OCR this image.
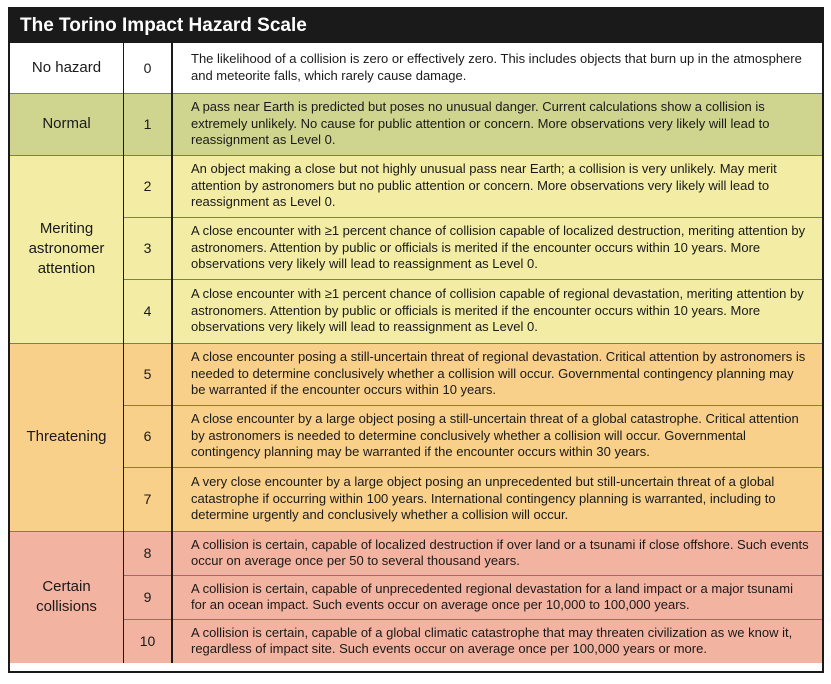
The Torino Impact Hazard Scale
No hazard	0	The likelihood of a collision is zero or effectively zero. This includes objects that burn up in the atmosphere and meteorite falls, which rarely cause damage.
Normal	1	A pass near Earth is predicted but poses no unusual danger. Current calculations show a collision is extremely unlikely. No cause for public attention or concern. More observations very likely will lead to reassignment as Level 0.
Meriting astronomer attention	2	An object making a close but not highly unusual pass near Earth; a collision is very unlikely. May merit attention by astronomers but no public attention or concern. More observations very likely will lead to reassignment as Level 0.
	3	A close encounter with ≥1 percent chance of collision capable of localized destruction, meriting attention by astronomers. Attention by public or officials is merited if the encounter occurs within 10 years. More observations very likely will lead to reassignment as Level 0.
	4	A close encounter with ≥1 percent chance of collision capable of regional devastation, meriting attention by astronomers. Attention by public or officials is merited if the encounter occurs within 10 years. More observations very likely will lead to reassignment as Level 0.
Threatening	5	A close encounter posing a still-uncertain threat of regional devastation. Critical attention by astronomers is needed to determine conclusively whether a collision will occur. Governmental contingency planning may be warranted if the encounter occurs within 10 years.
	6	A close encounter by a large object posing a still-uncertain threat of a global catastrophe. Critical attention by astronomers is needed to determine conclusively whether a collision will occur. Governmental contingency planning may be warranted if the encounter occurs within 30 years.
	7	A very close encounter by a large object posing an unprecedented but still-uncertain threat of a global catastrophe if occurring within 100 years. International contingency planning is warranted, including to determine urgently and conclusively whether a collision will occur.
Certain collisions	8	A collision is certain, capable of localized destruction if over land or a tsunami if close offshore. Such events occur on average once per 50 to several thousand years.
	9	A collision is certain, capable of unprecedented regional devastation for a land impact or a major tsunami for an ocean impact. Such events occur on average once per 10,000 to 100,000 years.
	10	A collision is certain, capable of a global climatic catastrophe that may threaten civilization as we know it, regardless of impact site. Such events occur on average once per 100,000 years or more.
